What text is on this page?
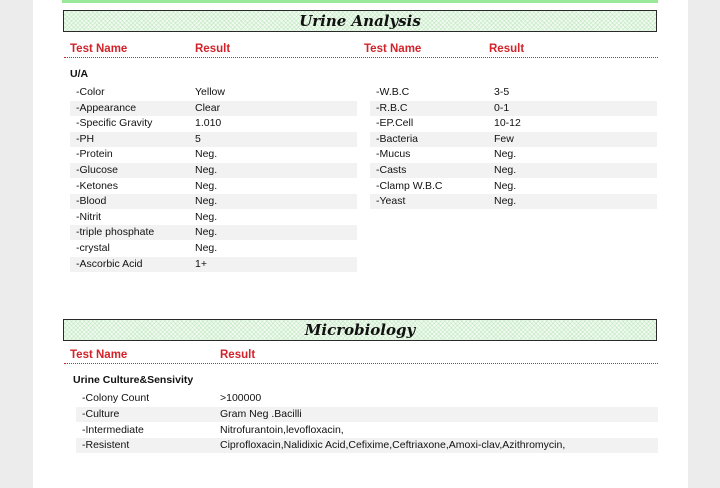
Urine Analysis
Test Name	Result	Test Name	Result
U/A
-Color	Yellow
-Appearance	Clear
-Specific Gravity	1.010
-PH	5
-Protein	Neg.
-Glucose	Neg.
-Ketones	Neg.
-Blood	Neg.
-Nitrit	Neg.
-triple phosphate	Neg.
-crystal	Neg.
-Ascorbic Acid	1+
-W.B.C	3-5
-R.B.C	0-1
-EP.Cell	10-12
-Bacteria	Few
-Mucus	Neg.
-Casts	Neg.
-Clamp W.B.C	Neg.
-Yeast	Neg.
Microbiology
Test Name	Result
Urine Culture&Sensivity
-Colony Count	>100000
-Culture	Gram Neg .Bacilli
-Intermediate	Nitrofurantoin,levofloxacin,
-Resistent	Ciprofloxacin,Nalidixic Acid,Cefixime,Ceftriaxone,Amoxi-clav,Azithromycin,
